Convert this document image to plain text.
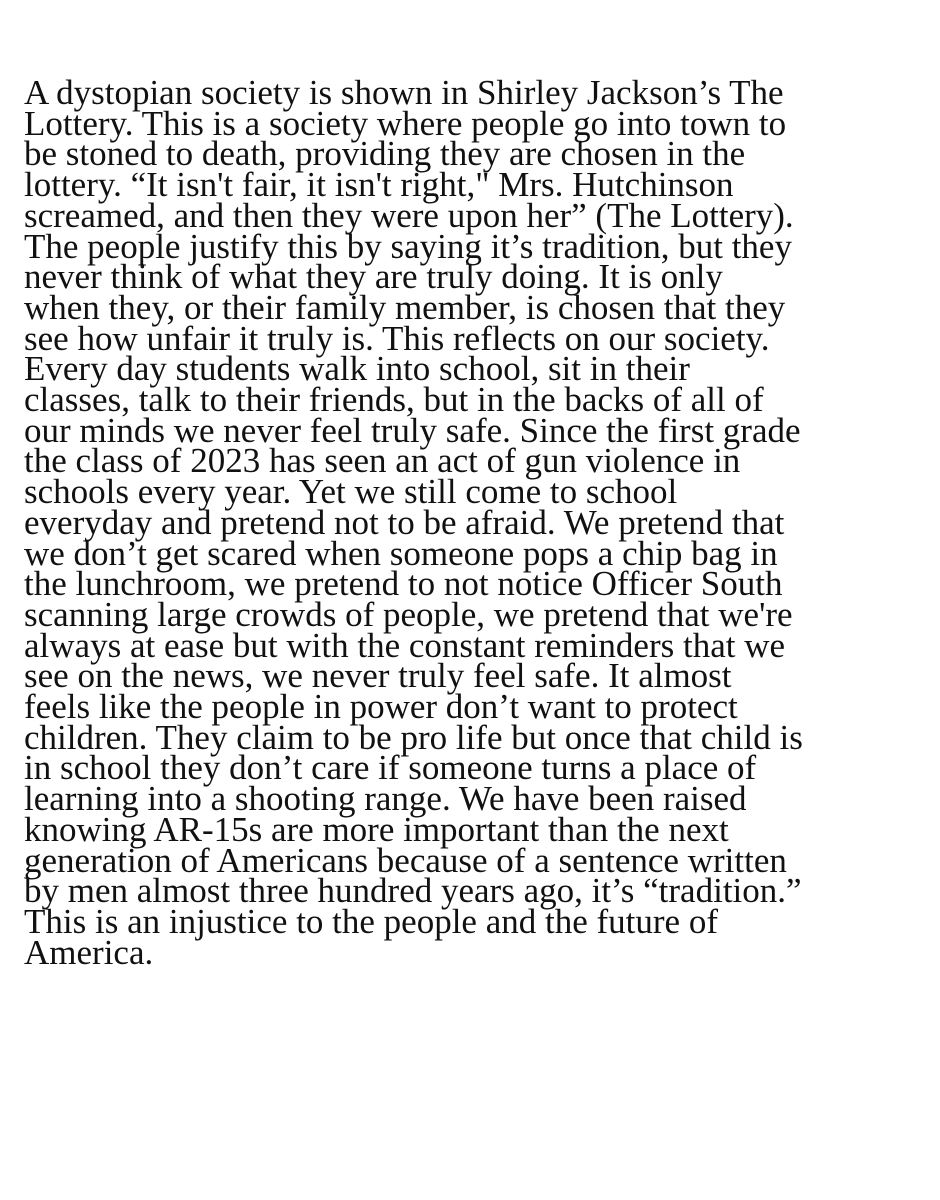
A dystopian society is shown in Shirley Jackson’s The
Lottery. This is a society where people go into town to
be stoned to death, providing they are chosen in the
lottery. “It isn't fair, it isn't right," Mrs. Hutchinson
screamed, and then they were upon her” (The Lottery).
The people justify this by saying it’s tradition, but they
never think of what they are truly doing. It is only
when they, or their family member, is chosen that they
see how unfair it truly is. This reflects on our society.
Every day students walk into school, sit in their
classes, talk to their friends, but in the backs of all of
our minds we never feel truly safe. Since the first grade
the class of 2023 has seen an act of gun violence in
schools every year. Yet we still come to school
everyday and pretend not to be afraid. We pretend that
we don’t get scared when someone pops a chip bag in
the lunchroom, we pretend to not notice Officer South
scanning large crowds of people, we pretend that we're
always at ease but with the constant reminders that we
see on the news, we never truly feel safe. It almost
feels like the people in power don’t want to protect
children. They claim to be pro life but once that child is
in school they don’t care if someone turns a place of
learning into a shooting range. We have been raised
knowing AR-15s are more important than the next
generation of Americans because of a sentence written
by men almost three hundred years ago, it’s “tradition.”
This is an injustice to the people and the future of
America.
